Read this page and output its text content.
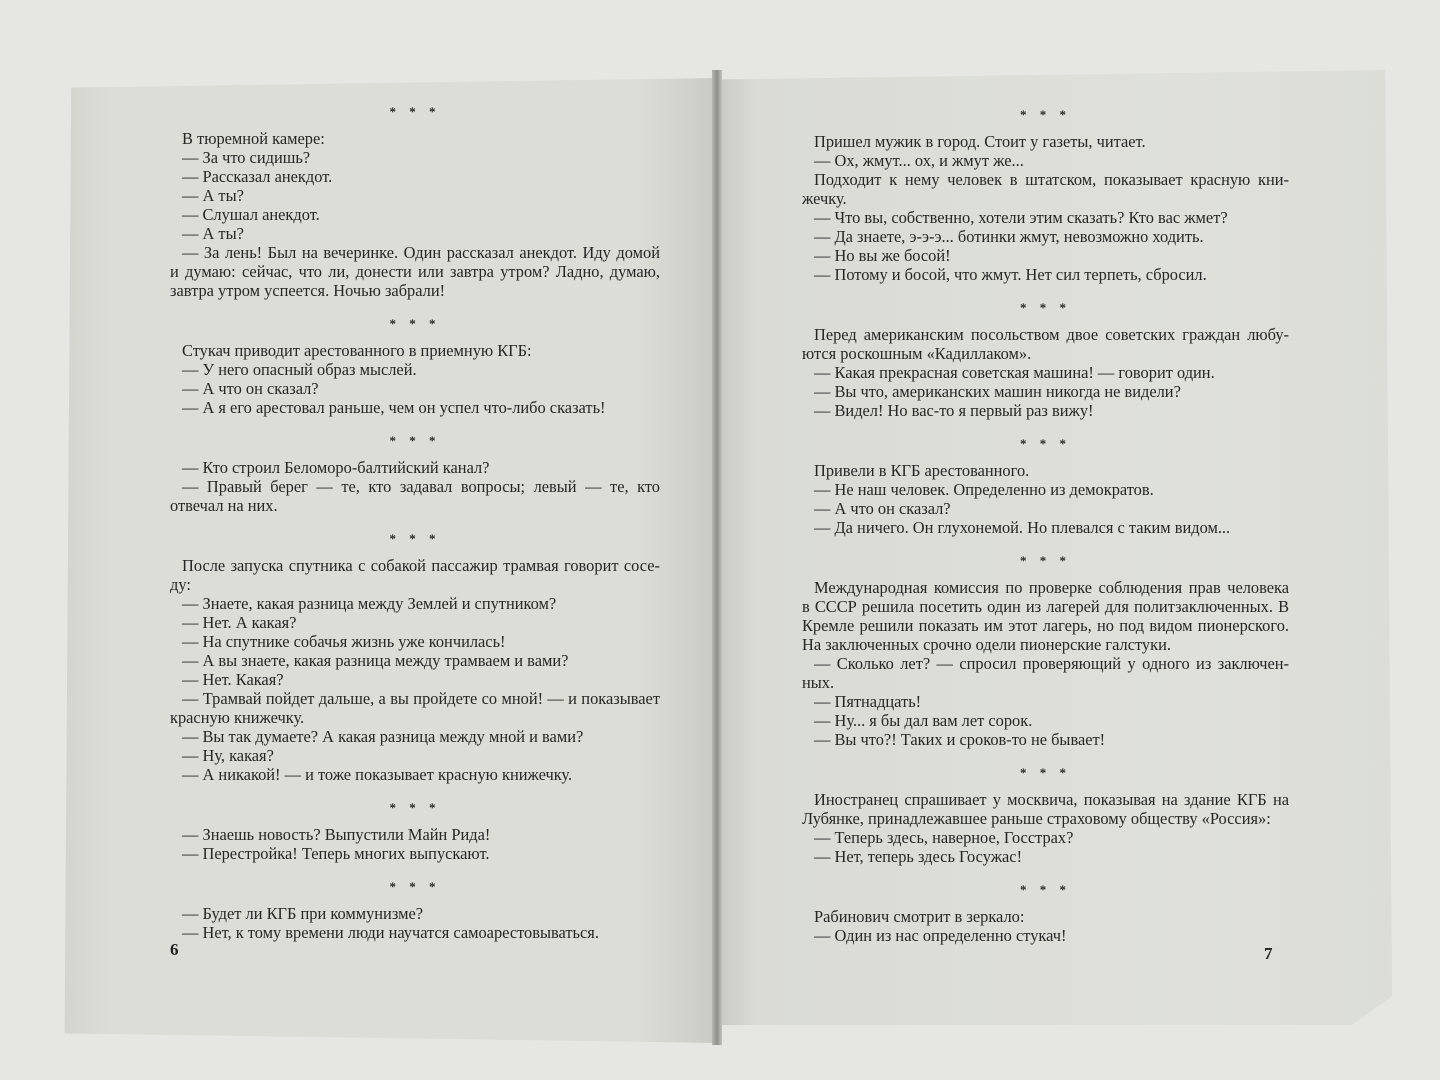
* * *
В тюремной камере:
— За что сидишь?
— Рассказал анекдот.
— А ты?
— Слушал анекдот.
— А ты?
— За лень! Был на вечеринке. Один рассказал анекдот. Иду домой
и думаю: сейчас, что ли, донести или завтра утром? Ладно, думаю,
завтра утром успеется. Ночью забрали!
* * *
Стукач приводит арестованного в приемную КГБ:
— У него опасный образ мыслей.
— А что он сказал?
— А я его арестовал раньше, чем он успел что-либо сказать!
* * *
— Кто строил Беломоро-балтийский канал?
— Правый берег — те, кто задавал вопросы; левый — те, кто
отвечал на них.
* * *
После запуска спутника с собакой пассажир трамвая говорит сосе-
ду:
— Знаете, какая разница между Землей и спутником?
— Нет. А какая?
— На спутнике собачья жизнь уже кончилась!
— А вы знаете, какая разница между трамваем и вами?
— Нет. Какая?
— Трамвай пойдет дальше, а вы пройдете со мной! — и показывает
красную книжечку.
— Вы так думаете? А какая разница между мной и вами?
— Ну, какая?
— А никакой! — и тоже показывает красную книжечку.
* * *
— Знаешь новость? Выпустили Майн Рида!
— Перестройка! Теперь многих выпускают.
* * *
— Будет ли КГБ при коммунизме?
— Нет, к тому времени люди научатся самоарестовываться.
* * *
Пришел мужик в город. Стоит у газеты, читает.
— Ох, жмут... ох, и жмут же...
Подходит к нему человек в штатском, показывает красную кни-
жечку.
— Что вы, собственно, хотели этим сказать? Кто вас жмет?
— Да знаете, э-э-э... ботинки жмут, невозможно ходить.
— Но вы же босой!
— Потому и босой, что жмут. Нет сил терпеть, сбросил.
* * *
Перед американским посольством двое советских граждан любу-
ются роскошным «Кадиллаком».
— Какая прекрасная советская машина! — говорит один.
— Вы что, американских машин никогда не видели?
— Видел! Но вас-то я первый раз вижу!
* * *
Привели в КГБ арестованного.
— Не наш человек. Определенно из демократов.
— А что он сказал?
— Да ничего. Он глухонемой. Но плевался с таким видом...
* * *
Международная комиссия по проверке соблюдения прав человека
в СССР решила посетить один из лагерей для политзаключенных. В
Кремле решили показать им этот лагерь, но под видом пионерского.
На заключенных срочно одели пионерские галстуки.
— Сколько лет? — спросил проверяющий у одного из заключен-
ных.
— Пятнадцать!
— Ну... я бы дал вам лет сорок.
— Вы что?! Таких и сроков-то не бывает!
* * *
Иностранец спрашивает у москвича, показывая на здание КГБ на
Лубянке, принадлежавшее раньше страховому обществу «Россия»:
— Теперь здесь, наверное, Госстрах?
— Нет, теперь здесь Госужас!
* * *
Рабинович смотрит в зеркало:
— Один из нас определенно стукач!
6	7
